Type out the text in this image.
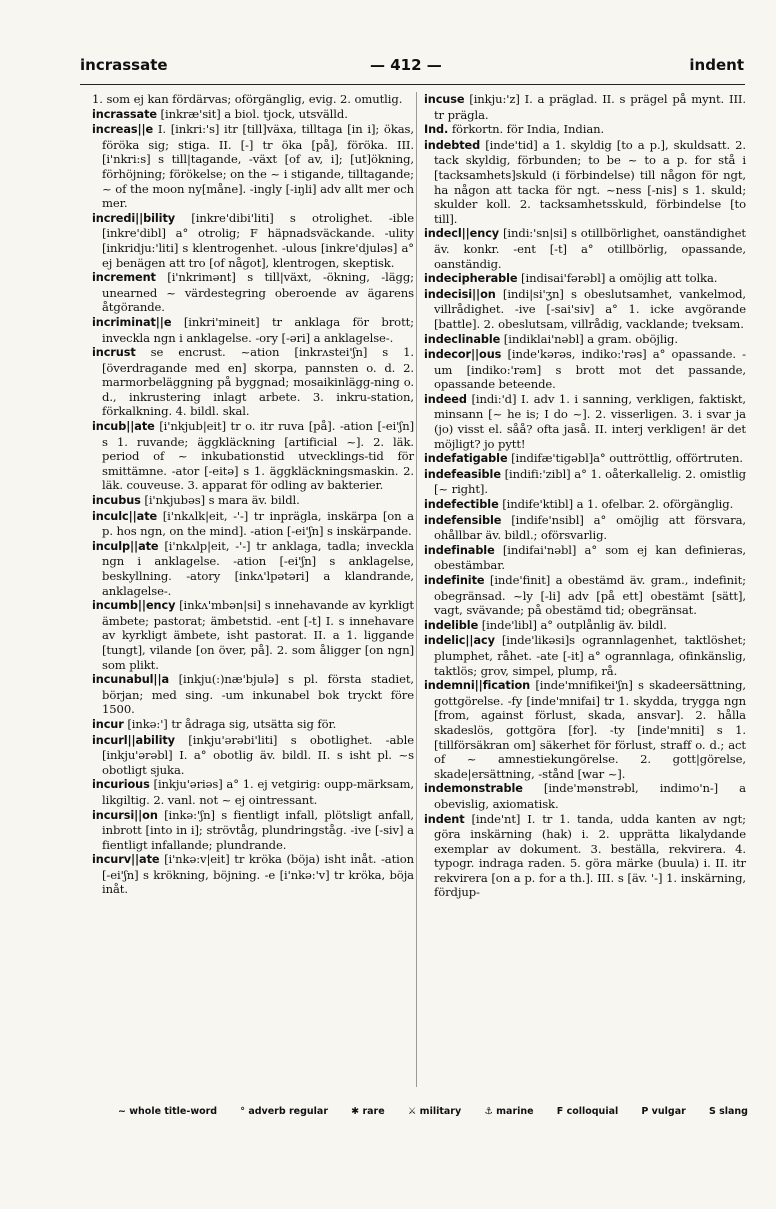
incrassate	— 412 —	indent

1. som ej kan fördärvas; oförgänglig, evig. 2. omutlig.

incrassate [inkræ'sit] a biol. tjock, utsvälld.

increas||e I. [inkri:'s] itr [till]växa, tilltaga [in i]; ökas, föröka sig; stiga. II. [-] tr öka [på], föröka. III. [i'nkri:s] s till|tagande, -växt [of av, i]; [ut]ökning, förhöjning; förökelse; on the ~ i stigande, tilltagande; ~ of the moon ny[måne]. -ingly [-iŋli] adv allt mer och mer.

incredi||bility [inkre'dibi'liti] s otrolighet. -ible [inkre'dibl] a° otrolig; F häpnadsväckande. -ulity [inkridju:'liti] s klentrogenhet. -ulous [inkre'djuləs] a° ej benägen att tro [of något], klentrogen, skeptisk.

increment [i'nkrimənt] s till|växt, -ökning, -lägg; unearned ~ värdestegring oberoende av ägarens åtgörande.

incriminat||e [inkri'mineit] tr anklaga för brott; inveckla ngn i anklagelse. -ory [-əri] a anklagelse-.

incrust se encrust. ~ation [inkrʌstei'ʃn] s 1. [överdragande med en] skorpa, pannsten o. d. 2. marmorbeläggning på byggnad; mosaikinlägg-ning o. d., inkrustering inlagt arbete. 3. inkru-station, förkalkning. 4. bildl. skal.

incub||ate [i'nkjub|eit] tr o. itr ruva [på]. -ation [-ei'ʃn] s 1. ruvande; äggkläckning [artificial ~]. 2. läk. period of ~ inkubationstid utvecklings-tid för smittämne. -ator [-eitə] s 1. äggkläckningsmaskin. 2. läk. couveuse. 3. apparat för odling av bakterier.

incubus [i'nkjubəs] s mara äv. bildl.

inculc||ate [i'nkʌlk|eit, -'-] tr inpräglа, inskärpa [on a p. hos ngn, on the mind]. -ation [-ei'ʃn] s inskärpande.

inculp||ate [i'nkʌlp|eit, -'-] tr anklaga, tadla; inveckla ngn i anklagelse. -ation [-ei'ʃn] s anklagelse, beskyllning. -atory [inkʌ'lpətəri] a klandrande, anklagelse-.

incumb||ency [inkʌ'mbən|si] s innehavande av kyrkligt ämbete; pastorat; ämbetstid. -ent [-t] I. s innehavare av kyrkligt ämbete, isht pastorat. II. a 1. liggande [tungt], vilande [on över, på]. 2. som åligger [on ngn] som plikt.

incunabul||a [inkju(:)næ'bjulə] s pl. första stadiet, början; med sing. -um inkunabel bok tryckt före 1500.

incur [inkə:'] tr ådraga sig, utsätta sig för.

incurl||ability [inkju'ərəbi'liti] s obotlighet. -able [inkju'ərəbl] I. a° obotlig äv. bildl. II. s isht pl. ~s obotligt sjuka.

incurious [inkju'əriəs] a° 1. ej vetgirig: oupp-märksam, likgiltig. 2. vanl. not ~ ej ointressant.

incursi||on [inkə:'ʃn] s fientligt infall, plötsligt anfall, inbrott [into in i]; strövtåg, plundringståg. -ive [-siv] a fientligt infallande; plundrande.

incurv||ate [i'nkə:v|eit] tr kröka (böja) isht inåt. -ation [-ei'ʃn] s krökning, böjning. -e [i'nkə:'v] tr kröka, böja inåt.

incuse [inkju:'z] I. a präglad. II. s prägel på mynt. III. tr prägla.

Ind. förkortn. för India, Indian.

indebted [inde'tid] a 1. skyldig [to a p.], skuldsatt. 2. tack skyldig, förbunden; to be ~ to a p. for stå i [tacksamhets]skuld (i förbindelse) till någon för ngt, ha någon att tacka för ngt. ~ness [-nis] s 1. skuld; skulder koll. 2. tacksamhetsskuld, förbindelse [to till].

indecl||ency [indi:'sn|si] s otillbörlighet, oanständighet äv. konkr. -ent [-t] a° otillbörlig, opassande, oanständig.

indecipherable [indisai'fərəbl] a omöjlig att tolka.

indecisi||on [indi|si'ʒn] s obeslutsamhet, vankelmod, villrådighet. -ive [-sai'siv] a° 1. icke avgörande [battle]. 2. obeslutsam, villrådig, vacklande; tveksam.

indeclinable [indiklai'nəbl] a gram. oböjlig.

indecor||ous [inde'kərəs, indiko:'rəs] a° opassande. -um [indiko:'rəm] s brott mot det passande, opassande beteende.

indeed [indi:'d] I. adv 1. i sanning, verkligen, faktiskt, minsann [~ he is; I do ~]. 2. visserligen. 3. i svar ja (jo) visst el. såå? ofta jaså. II. interj verkligen! är det möjligt? jo pytt!

indefatigable [indifæ'tigəbl]a° outtröttlig, offörtruten.

indefeasible [indifi:'zibl] a° 1. oåterkallelig. 2. omistlig [~ right].

indefectible [indife'ktibl] a 1. ofelbar. 2. oförgänglig.

indefensible [indife'nsibl] a° omöjlig att försvara, ohållbar äv. bildl.; oförsvarlig.

indefinable [indifai'nəbl] a° som ej kan definieras, obestämbar.

indefinite [inde'finit] a obestämd äv. gram., indefinit; obegränsad. ~ly [-li] adv [på ett] obestämt [sätt], vagt, svävande; på obestämd tid; obegränsat.

indelible [inde'libl] a° outplånlig äv. bildl.

indelic||acy [inde'likəsi]s ogrannlagenhet, taktlöshet; plumphet, råhet. -ate [-it] a° ogrannlaga, ofinkänslig, taktlös; grov, simpel, plump, rå.

indemni||fication [inde'mnifikei'ʃn] s skadeersättning, gottgörelse. -fy [inde'mnifai] tr 1. skydda, trygga ngn [from, against förlust, skada, ansvar]. 2. hålla skadeslös, gottgöra [for]. -ty [inde'mniti] s 1. [tillförsäkran om] säkerhet för förlust, straff o. d.; act of ~ amnestiekungörelse. 2. gott|görelse, skade|ersättning, -stånd [war ~].

indemonstrable [inde'mənstrəbl, indimo'n-] a obevislig, axiomatisk.

indent [inde'nt] I. tr 1. tanda, udda kanten av ngt; göra inskärning (hak) i. 2. upprätta likalydande exemplar av dokument. 3. beställa, rekvirera. 4. typogr. indraga raden. 5. göra märke (buula) i. II. itr rekvirera [on a p. for a th.]. III. s [äv. '-] 1. inskärning, fördjup-

~ whole title-word ° adverb regular ✱ rare ⚔ military ⚓ marine F colloquial P vulgar S slang
